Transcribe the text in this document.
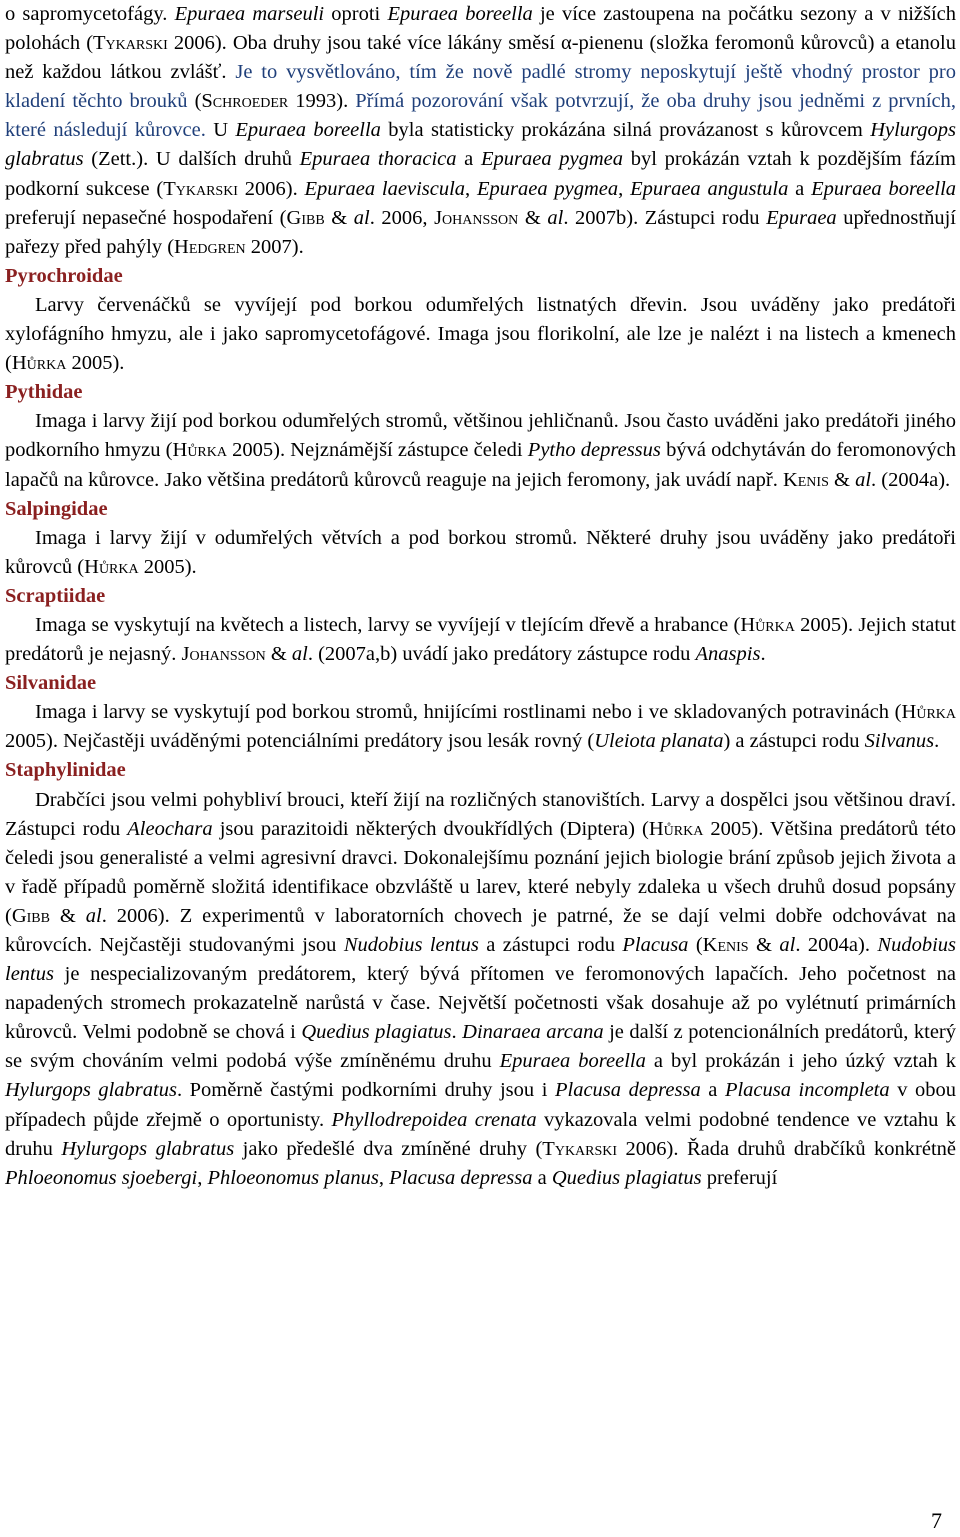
o sapromycetofágy. Epuraea marseuli oproti Epuraea boreella je více zastoupena na počátku sezony a v nižších polohách (Tykarski 2006). Oba druhy jsou také více lákány směsí α-pienenu (složka feromonů kůrovců) a etanolu než každou látkou zvlášť. Je to vysvětlováno, tím že nově padlé stromy neposkytují ještě vhodný prostor pro kladení těchto brouků (Schroeder 1993). Přímá pozorování však potvrzují, že oba druhy jsou jedněmi z prvních, které následují kůrovce. U Epuraea boreella byla statisticky prokázána silná provázanost s kůrovcem Hylurgops glabratus (Zett.). U dalších druhů Epuraea thoracica a Epuraea pygmea byl prokázán vztah k pozdějším fázím podkorní sukcese (Tykarski 2006). Epuraea laeviscula, Epuraea pygmea, Epuraea angustula a Epuraea boreella preferují nepasečné hospodaření (Gibb & al. 2006, Johansson & al. 2007b). Zástupci rodu Epuraea upřednostňují pařezy před pahýly (Hedgren 2007).

Pyrochroidae

Larvy červenáčků se vyvíjejí pod borkou odumřelých listnatých dřevin. Jsou uváděny jako predátoři xylofágního hmyzu, ale i jako sapromycetofágové. Imaga jsou florikolní, ale lze je nalézt i na listech a kmenech (Hůrka 2005).

Pythidae

Imaga i larvy žijí pod borkou odumřelých stromů, většinou jehličnanů. Jsou často uváděni jako predátoři jiného podkorního hmyzu (Hůrka 2005). Nejznámější zástupce čeledi Pytho depressus bývá odchytáván do feromonových lapačů na kůrovce. Jako většina predátorů kůrovců reaguje na jejich feromony, jak uvádí např. Kenis & al. (2004a).

Salpingidae

Imaga i larvy žijí v odumřelých větvích a pod borkou stromů. Některé druhy jsou uváděny jako predátoři kůrovců (Hůrka 2005).

Scraptiidae

Imaga se vyskytují na květech a listech, larvy se vyvíjejí v tlejícím dřevě a hrabance (Hůrka 2005). Jejich statut predátorů je nejasný. Johansson & al. (2007a,b) uvádí jako predátory zástupce rodu Anaspis.

Silvanidae

Imaga i larvy se vyskytují pod borkou stromů, hnijícími rostlinami nebo i ve skladovaných potravinách (Hůrka 2005). Nejčastěji uváděnými potenciálními predátory jsou lesák rovný (Uleiota planata) a zástupci rodu Silvanus.

Staphylinidae

Drabčíci jsou velmi pohybliví brouci, kteří žijí na rozličných stanovištích. Larvy a dospělci jsou většinou draví. Zástupci rodu Aleochara jsou parazitoidi některých dvoukřídlých (Diptera) (Hůrka 2005). Většina predátorů této čeledi jsou generalisté a velmi agresivní dravci. Dokonalejšímu poznání jejich biologie brání způsob jejich života a v řadě případů poměrně složitá identifikace obzvláště u larev, které nebyly zdaleka u všech druhů dosud popsány (Gibb & al. 2006). Z experimentů v laboratorních chovech je patrné, že se dají velmi dobře odchovávat na kůrovcích. Nejčastěji studovanými jsou Nudobius lentus a zástupci rodu Placusa (Kenis & al. 2004a). Nudobius lentus je nespecializovaným predátorem, který bývá přítomen ve feromonových lapačích. Jeho početnost na napadených stromech prokazatelně narůstá v čase. Největší početnosti však dosahuje až po vylétnutí primárních kůrovců. Velmi podobně se chová i Quedius plagiatus. Dinaraea arcana je další z potencionálních predátorů, který se svým chováním velmi podobá výše zmíněnému druhu Epuraea boreella a byl prokázán i jeho úzký vztah k Hylurgops glabratus. Poměrně častými podkorními druhy jsou i Placusa depressa a Placusa incompleta v obou případech půjde zřejmě o oportunisty. Phyllodrepoidea crenata vykazovala velmi podobné tendence ve vztahu k druhu Hylurgops glabratus jako předešlé dva zmíněné druhy (Tykarski 2006). Řada druhů drabčíků konkrétně Phloeonomus sjoebergi, Phloeonomus planus, Placusa depressa a Quedius plagiatus preferují

7
